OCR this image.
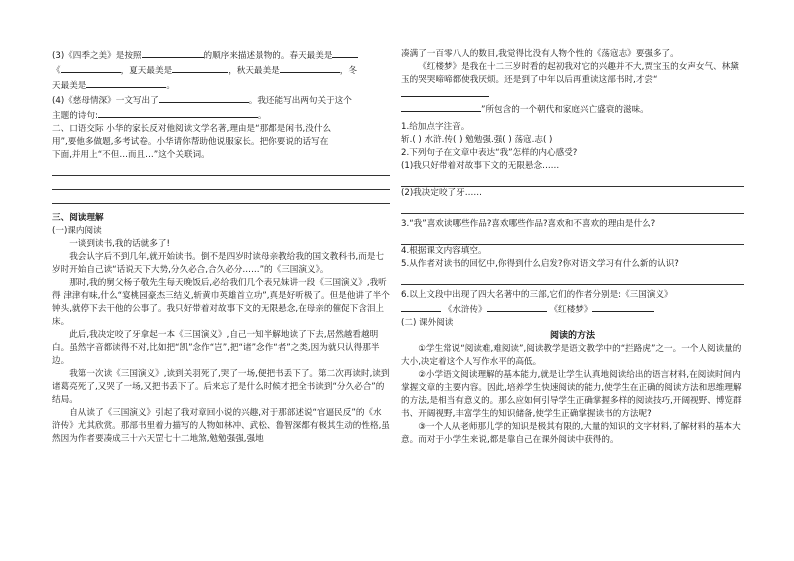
(3)《四季之美》是按照	的顺序来描述景物的。春天最美是
《	，夏天最美是	，秋天最美是	，冬
天最美是	。
(4)《慈母情深》一文写出了	。我还能写出两句关于这个
主题的诗句:	。
二、口语交际 小华的家长反对他阅读文学名著,理由是“那都是闲书,没什么
用”,要他多做题,多考试卷。小华请你帮助他说服家长。把你要说的话写在
下面,并用上“不但…而且…”这个关联词。
三、阅读理解
(一)课内阅读
一谈到读书,我的话就多了!
我会认字后不到几年,就开始读书。倒不是四岁时读母亲教给我的国文教科书,而是七岁时开始自己读“话说天下大势,分久必合,合久必分……”的《三国演义》。
那时,我的舅父杨子敬先生每天晚饭后,必给我们几个表兄妹讲一段《三国演义》,我听得 津津有味,什么“宴桃园豪杰三结义,斩黄巾英雄首立功”,真是好听极了。但是他讲了半个钟头,就停下去干他的公事了。我只好带着对故事下文的无限悬念,在母亲的催促下含泪上床。
此后,我决定咬了牙拿起一本《三国演义》,自己一知半解地读了下去,居然越看越明白。虽然字音都读得不对,比如把“凯”念作“岂”,把“诸”念作“者”之类,因为就只认得那半边。
我第一次读《三国演义》,读到关羽死了,哭了一场,便把书丢下了。第二次再读时,读到诸葛亮死了,又哭了一场,又把书丢下了。后来忘了是什么时候才把全书读到“分久必合”的结局。
自从读了《三国演义》引起了我对章回小说的兴趣,对于那部述说“官逼民反”的《水浒传》尤其欣赏。那部书里着力描写的人物如林冲、武松、鲁智深都有极其生动的性格,虽然因为作者要凑成三十六天罡七十二地煞,勉勉强强,强地
凑满了一百零八人的数目,我觉得比没有人物个性的《荡寇志》要强多了。
《红楼梦》是我在十二三岁时看的起初我对它的兴趣并不大,贾宝玉的女声女气、林黛玉的哭哭啼啼都使我厌烦。还是到了中年以后再重读这部书时,才尝“
”所包含的一个朝代和家庭兴亡盛衰的滋味。
1.给加点字注音。
斩.( ) 水浒.传( ) 勉勉强.强( ) 荡寇.志( )
2.下列句子在文章中表达“我”怎样的内心感受?
(1)我只好带着对故事下文的无限悬念……
(2)我决定咬了牙……
3.“我”喜欢读哪些作品?喜欢哪些作品?喜欢和不喜欢的理由是什么?
4.根据课文内容填空。
5.从作者对读书的回忆中,你得到什么启发?你对语文学习有什么新的认识?
6.以上文段中出现了四大名著中的三部,它们的作者分别是:《三国演义》
《水浒传》	《红楼梦》
(二) 课外阅读
阅读的方法
①学生常说“阅读难,难阅读”,阅读教学是语文教学中的“拦路虎”之一。一个人阅读量的大小,决定着这个人写作水平的高低。
②小学语文阅读理解的基本能力,就是让学生认真地阅读给出的语言材料,在阅读时间内掌握文章的主要内容。因此,培养学生快速阅读的能力,使学生在正确的阅读方法和思维理解的方法,是相当有意义的。那么应如何引导学生正确掌握多样的阅读技巧,开阔视野、博览群书、开阔视野,丰富学生的知识储备,使学生正确掌握读书的方法呢?
③一个人从老师那儿学的知识是极其有限的,大量的知识的文字材料,了解材料的基本大意。而对于小学生来说,都是靠自己在课外阅读中获得的。
